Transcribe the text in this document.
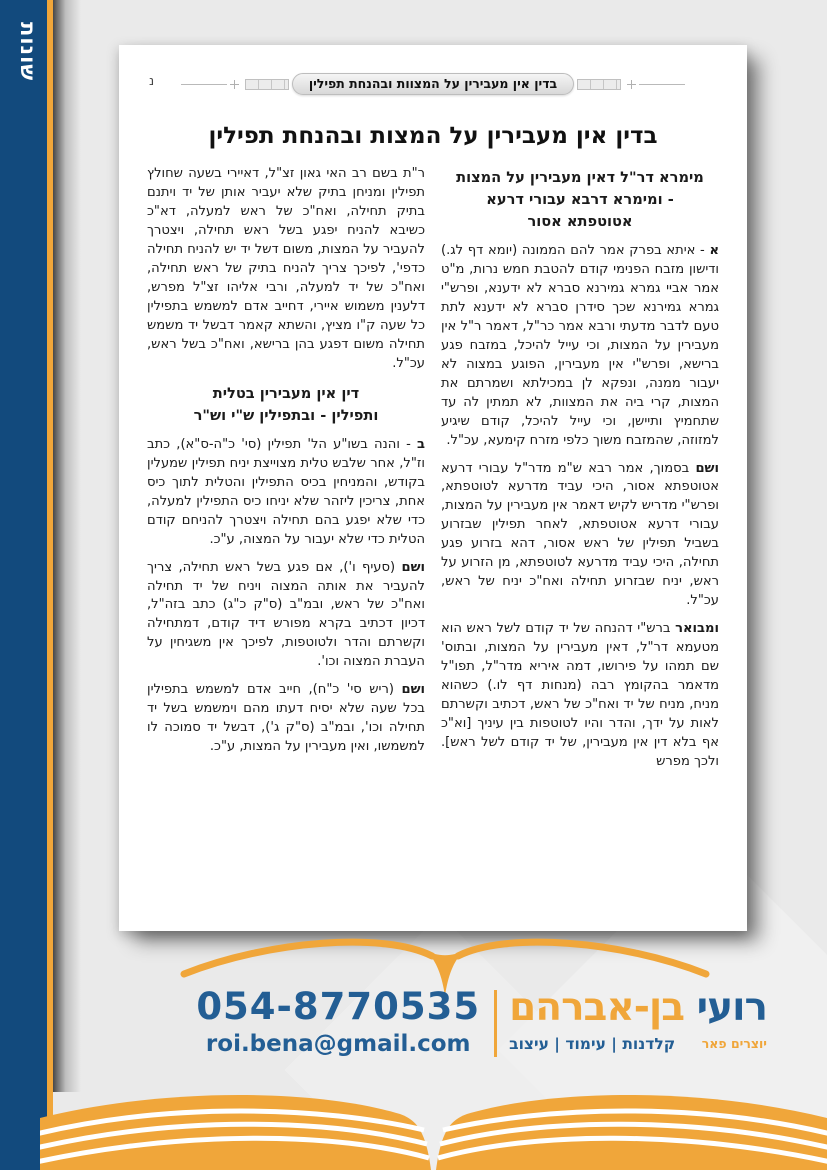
שונות
נ	בדין אין מעבירין על המצוות ובהנחת תפילין
בדין אין מעבירין על המצות ובהנחת תפילין
מימרא דר"ל דאין מעבירין על המצות - ומימרא דרבא עבורי דרעא אטוטפתא אסור

א - איתא בפרק אמר להם הממונה (יומא דף לג.) ודישון מזבח הפנימי קודם להטבת חמש נרות, מ"ט אמר אביי גמרא גמירנא סברא לא ידענא, ופרש"י גמרא גמירנא שכך סידרן סברא לא ידענא לתת טעם לדבר מדעתי ורבא אמר כר"ל, דאמר ר"ל אין מעבירין על המצות, וכי עייל להיכל, במזבח פגע ברישא, ופרש"י אין מעבירין, הפוגע במצוה לא יעבור ממנה, ונפקא לן במכילתא ושמרתם את המצות, קרי ביה את המצוות, לא תמתין לה עד שתחמיץ ותיישן, וכי עייל להיכל, קודם שיגיע למזוזה, שהמזבח משוך כלפי מזרח קימעא, עכ"ל.

ושם בסמוך, אמר רבא ש"מ מדר"ל עבורי דרעא אטוטפתא אסור, היכי עביד מדרעא לטוטפתא, ופרש"י מדריש לקיש דאמר אין מעבירין על המצות, עבורי דרעא אטוטפתא, לאחר תפילין שבזרוע בשביל תפילין של ראש אסור, דהא בזרוע פגע תחילה, היכי עביד מדרעא לטוטפתא, מן הזרוע על ראש, יניח שבזרוע תחילה ואח"כ יניח של ראש, עכ"ל.

ומבואר ברש"י דהנחה של יד קודם לשל ראש הוא מטעמא דר"ל, דאין מעבירין על המצות, ובתוס' שם תמהו על פירושו, דמה איריא מדר"ל, תפו"ל מדאמר בהקומץ רבה (מנחות דף לו.) כשהוא מניח, מניח של יד ואח"כ של ראש, דכתיב וקשרתם לאות על ידך, והדר והיו לטוטפות בין עיניך [וא"כ אף בלא דין אין מעבירין, של יד קודם לשל ראש]. ולכך מפרש

ר"ת בשם רב האי גאון זצ"ל, דאיירי בשעה שחולץ תפילין ומניחן בתיק שלא יעביר אותן של יד ויתנם בתיק תחילה, ואח"כ של ראש למעלה, דא"כ כשיבא להניח יפגע בשל ראש תחילה, ויצטרך להעביר על המצות, משום דשל יד יש להניח תחילה כדפי', לפיכך צריך להניח בתיק של ראש תחילה, ואח"כ של יד למעלה, ורבי אליהו זצ"ל מפרש, דלענין משמוש איירי, דחייב אדם למשמש בתפילין כל שעה ק"ו מציץ, והשתא קאמר דבשל יד משמש תחילה משום דפגע בהן ברישא, ואח"כ בשל ראש, עכ"ל.

דין אין מעבירין בטלית
ותפילין - ובתפילין ש"י וש"ר

ב - והנה בשו"ע הל' תפילין (סי' כ"ה-ס"א), כתב וז"ל, אחר שלבש טלית מצוייצת יניח תפילין שמעלין בקודש, והמניחין בכיס התפילין והטלית לתוך כיס אחת, צריכין ליזהר שלא יניחו כיס התפילין למעלה, כדי שלא יפגע בהם תחילה ויצטרך להניחם קודם הטלית כדי שלא יעבור על המצוה, ע"כ.

ושם (סעיף ו'), אם פגע בשל ראש תחילה, צריך להעביר את אותה המצוה ויניח של יד תחילה ואח"כ של ראש, ובמ"ב (ס"ק כ"ג) כתב בזה"ל, דכיון דכתיב בקרא מפורש דיד קודם, דמתחילה וקשרתם והדר ולטוטפות, לפיכך אין משגיחין על העברת המצוה וכו'.

ושם (ריש סי' כ"ח), חייב אדם למשמש בתפילין בכל שעה שלא יסיח דעתו מהם וימשמש בשל יד תחילה וכו', ובמ"ב (ס"ק ג'), דבשל יד סמוכה לו למשמשו, ואין מעבירין על המצות, ע"כ.

רועי בן-אברהם
יוצרים פאר
קלדנות | עימוד | עיצוב
054-8770535
roi.bena@gmail.com
